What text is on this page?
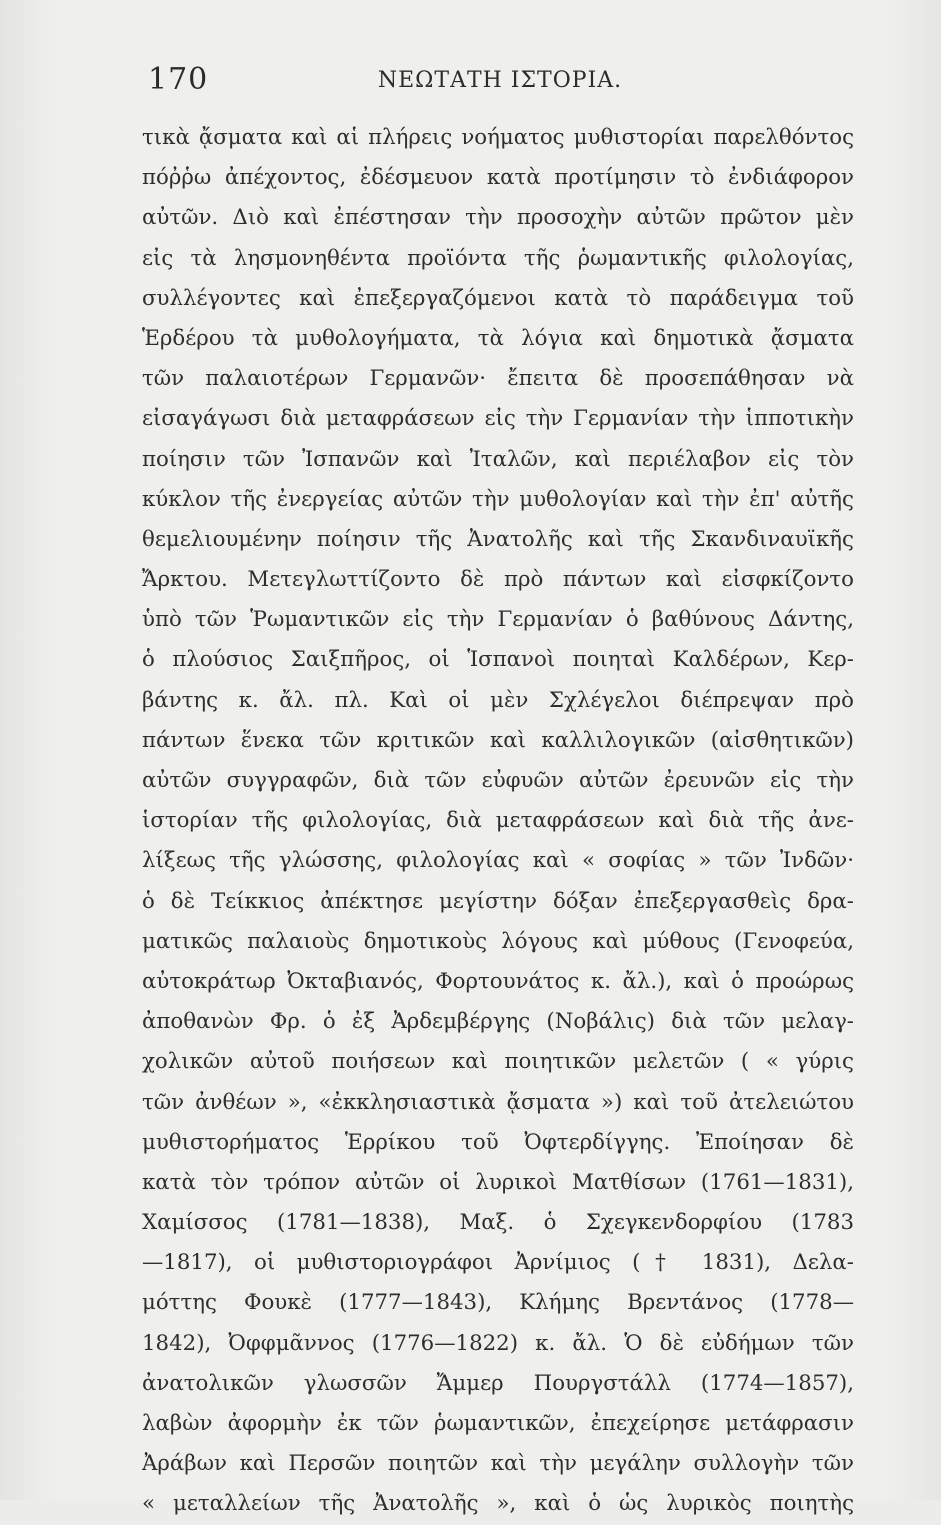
170	ΝΕΩΤΑΤΗ ΙΣΤΟΡΙΑ.
τικὰ ᾄσματα καὶ αἱ πλήρεις νοήματος μυθιστορίαι παρελθόντος
πόῤῥω ἀπέχοντος, ἐδέσμευον κατὰ προτίμησιν τὸ ἐνδιάφορον
αὐτῶν. Διὸ καὶ ἐπέστησαν τὴν προσοχὴν αὐτῶν πρῶτον μὲν
εἰς τὰ λησμονηθέντα προϊόντα τῆς ῥωμαντικῆς φιλολογίας,
συλλέγοντες καὶ ἐπεξεργαζόμενοι κατὰ τὸ παράδειγμα τοῦ
Ἑρδέρου τὰ μυθολογήματα, τὰ λόγια καὶ δημοτικὰ ᾄσματα
τῶν παλαιοτέρων Γερμανῶν· ἔπειτα δὲ προσεπάθησαν νὰ
εἰσαγάγωσι διὰ μεταφράσεων εἰς τὴν Γερμανίαν τὴν ἱπποτικὴν
ποίησιν τῶν Ἰσπανῶν καὶ Ἰταλῶν, καὶ περιέλαβον εἰς τὸν
κύκλον τῆς ἐνεργείας αὐτῶν τὴν μυθολογίαν καὶ τὴν ἐπ' αὐτῆς
θεμελιουμένην ποίησιν τῆς Ἀνατολῆς καὶ τῆς Σκανδιναυϊκῆς
Ἄρκτου. Μετεγλωττίζοντο δὲ πρὸ πάντων καὶ εἰσφκίζοντο
ὑπὸ τῶν Ῥωμαντικῶν εἰς τὴν Γερμανίαν ὁ βαθύνους Δάντης,
ὁ πλούσιος Σαιξπῆρος, οἱ Ἱσπανοὶ ποιηταὶ Καλδέρων, Κερ-
βάντης κ. ἄλ. πλ. Καὶ οἱ μὲν Σχλέγελοι διέπρεψαν πρὸ
πάντων ἕνεκα τῶν κριτικῶν καὶ καλλιλογικῶν (αἰσθητικῶν)
αὐτῶν συγγραφῶν, διὰ τῶν εὐφυῶν αὐτῶν ἐρευνῶν εἰς τὴν
ἱστορίαν τῆς φιλολογίας, διὰ μεταφράσεων καὶ διὰ τῆς ἀνε-
λίξεως τῆς γλώσσης, φιλολογίας καὶ « σοφίας » τῶν Ἰνδῶν·
ὁ δὲ Τείκκιος ἀπέκτησε μεγίστην δόξαν ἐπεξεργασθεὶς δρα-
ματικῶς παλαιοὺς δημοτικοὺς λόγους καὶ μύθους (Γενοφεύα,
αὐτοκράτωρ Ὀκταβιανός, Φορτουνάτος κ. ἄλ.), καὶ ὁ προώρως
ἀποθανὼν Φρ. ὁ ἐξ Ἀρδεμβέργης (Νοβάλις) διὰ τῶν μελαγ-
χολικῶν αὐτοῦ ποιήσεων καὶ ποιητικῶν μελετῶν ( « γύρις
τῶν ἀνθέων », «ἐκκλησιαστικὰ ᾄσματα ») καὶ τοῦ ἀτελειώτου
μυθιστορήματος Ἑρρίκου τοῦ Ὀφτερδίγγης. Ἐποίησαν δὲ
κατὰ τὸν τρόπον αὐτῶν οἱ λυρικοὶ Ματθίσων (1761—1831),
Χαμίσσος (1781—1838), Μαξ. ὁ Σχεγκενδορφίου (1783
—1817), οἱ μυθιστοριογράφοι Ἀρνίμιος († 1831), Δελα-
μόττης Φουκὲ (1777—1843), Κλήμης Βρεντάνος (1778—
1842), Ὀφφμᾶννος (1776—1822) κ. ἄλ. Ὁ δὲ εὐδήμων τῶν
ἀνατολικῶν γλωσσῶν Ἄμμερ Πουργστάλλ (1774—1857),
λαβὼν ἀφορμὴν ἐκ τῶν ῥωμαντικῶν, ἐπεχείρησε μετάφρασιν
Ἀράβων καὶ Περσῶν ποιητῶν καὶ τὴν μεγάλην συλλογὴν τῶν
« μεταλλείων τῆς Ἀνατολῆς », καὶ ὁ ὡς λυρικὸς ποιητὴς
